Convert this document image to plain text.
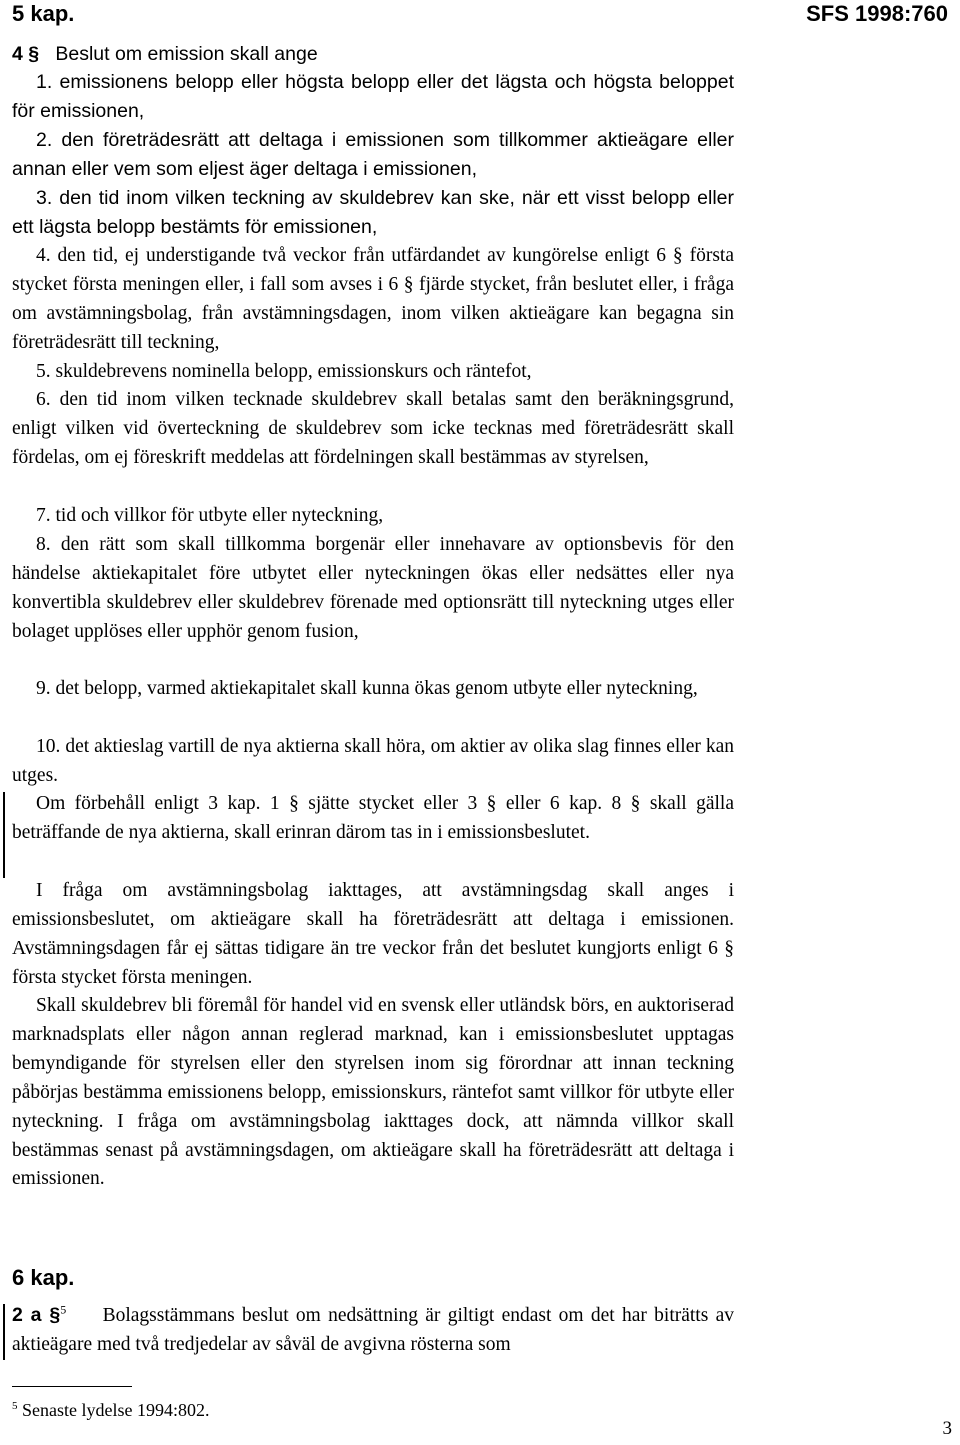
5 kap.	SFS 1998:760
4 § Beslut om emission skall ange

1. emissionens belopp eller högsta belopp eller det lägsta och högsta beloppet för emissionen,

2. den företrädesrätt att deltaga i emissionen som tillkommer aktieägare eller annan eller vem som eljest äger deltaga i emissionen,

3. den tid inom vilken teckning av skuldebrev kan ske, när ett visst belopp eller ett lägsta belopp bestämts för emissionen,

4. den tid, ej understigande två veckor från utfärdandet av kungörelse enligt 6 § första stycket första meningen eller, i fall som avses i 6 § fjärde stycket, från beslutet eller, i fråga om avstämningsbolag, från avstämningsdagen, inom vilken aktieägare kan begagna sin företrädesrätt till teckning,

5. skuldebrevens nominella belopp, emissionskurs och räntefot,

6. den tid inom vilken tecknade skuldebrev skall betalas samt den beräkningsgrund, enligt vilken vid överteckning de skuldebrev som icke tecknas med företrädesrätt skall fördelas, om ej föreskrift meddelas att fördelningen skall bestämmas av styrelsen,

7. tid och villkor för utbyte eller nyteckning,

8. den rätt som skall tillkomma borgenär eller innehavare av optionsbevis för den händelse aktiekapitalet före utbytet eller nyteckningen ökas eller nedsättes eller nya konvertibla skuldebrev eller skuldebrev förenade med optionsrätt till nyteckning utges eller bolaget upplöses eller upphör genom fusion,

9. det belopp, varmed aktiekapitalet skall kunna ökas genom utbyte eller nyteckning,

10. det aktieslag vartill de nya aktierna skall höra, om aktier av olika slag finnes eller kan utges.

Om förbehåll enligt 3 kap. 1 § sjätte stycket eller 3 § eller 6 kap. 8 § skall gälla beträffande de nya aktierna, skall erinran därom tas in i emissionsbeslutet.

I fråga om avstämningsbolag iakttages, att avstämningsdag skall anges i emissionsbeslutet, om aktieägare skall ha företrädesrätt att deltaga i emissionen. Avstämningsdagen får ej sättas tidigare än tre veckor från det beslutet kungjorts enligt 6 § första stycket första meningen.

Skall skuldebrev bli föremål för handel vid en svensk eller utländsk börs, en auktoriserad marknadsplats eller någon annan reglerad marknad, kan i emissionsbeslutet upptagas bemyndigande för styrelsen eller den styrelsen inom sig förordnar att innan teckning påbörjas bestämma emissionens belopp, emissionskurs, räntefot samt villkor för utbyte eller nyteckning. I fråga om avstämningsbolag iakttages dock, att nämnda villkor skall bestämmas senast på avstämningsdagen, om aktieägare skall ha företrädesrätt att deltaga i emissionen.

6 kap.

2 a §$^5$ Bolagsstämmans beslut om nedsättning är giltigt endast om det har biträtts av aktieägare med två tredjedelar av såväl de avgivna rösterna som

$^5$ Senaste lydelse 1994:802.
3
